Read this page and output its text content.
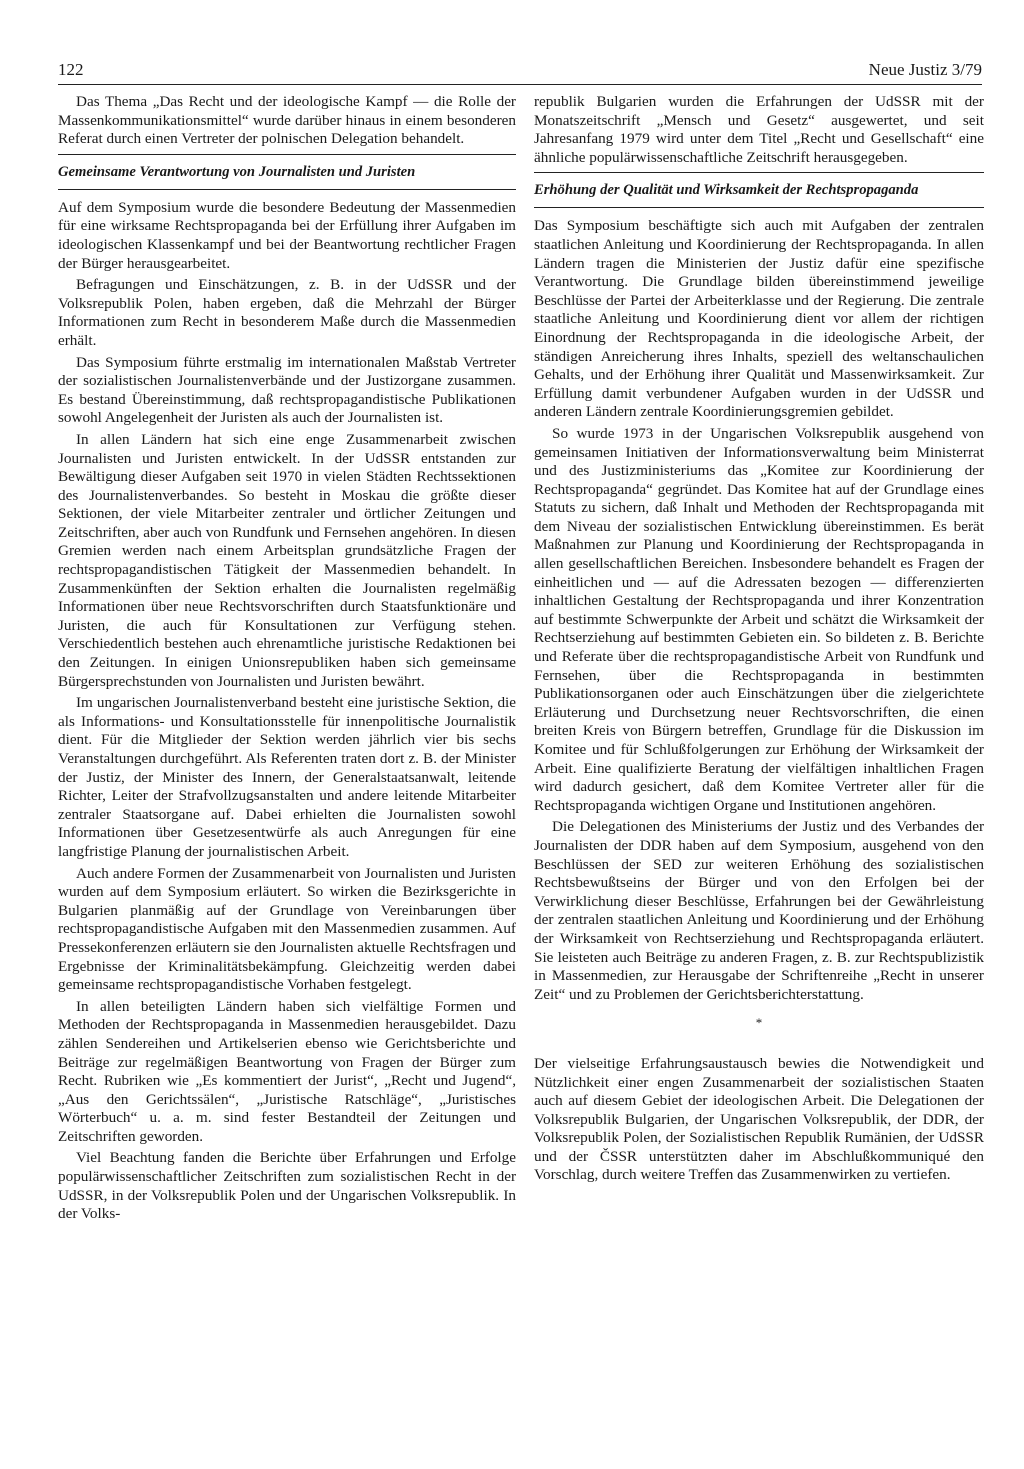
122	Neue Justiz 3/79

Das Thema „Das Recht und der ideologische Kampf — die Rolle der Massenkommunikationsmittel“ wurde darüber hinaus in einem besonderen Referat durch einen Vertreter der polnischen Delegation behandelt.

Gemeinsame Verantwortung von Journalisten und Juristen

Auf dem Symposium wurde die besondere Bedeutung der Massenmedien für eine wirksame Rechtspropaganda bei der Erfüllung ihrer Aufgaben im ideologischen Klassenkampf und bei der Beantwortung rechtlicher Fragen der Bürger herausgearbeitet.

Befragungen und Einschätzungen, z. B. in der UdSSR und der Volksrepublik Polen, haben ergeben, daß die Mehrzahl der Bürger Informationen zum Recht in besonderem Maße durch die Massenmedien erhält.

Das Symposium führte erstmalig im internationalen Maßstab Vertreter der sozialistischen Journalistenverbände und der Justizorgane zusammen. Es bestand Übereinstimmung, daß rechtspropagandistische Publikationen sowohl Angelegenheit der Juristen als auch der Journalisten ist.

In allen Ländern hat sich eine enge Zusammenarbeit zwischen Journalisten und Juristen entwickelt. In der UdSSR entstanden zur Bewältigung dieser Aufgaben seit 1970 in vielen Städten Rechtssektionen des Journalistenverbandes. So besteht in Moskau die größte dieser Sektionen, der viele Mitarbeiter zentraler und örtlicher Zeitungen und Zeitschriften, aber auch von Rundfunk und Fernsehen angehören. In diesen Gremien werden nach einem Arbeitsplan grundsätzliche Fragen der rechtspropagandistischen Tätigkeit der Massenmedien behandelt. In Zusammenkünften der Sektion erhalten die Journalisten regelmäßig Informationen über neue Rechtsvorschriften durch Staatsfunktionäre und Juristen, die auch für Konsultationen zur Verfügung stehen. Verschiedentlich bestehen auch ehrenamtliche juristische Redaktionen bei den Zeitungen. In einigen Unionsrepubliken haben sich gemeinsame Bürgersprechstunden von Journalisten und Juristen bewährt.

Im ungarischen Journalistenverband besteht eine juristische Sektion, die als Informations- und Konsultationsstelle für innenpolitische Journalistik dient. Für die Mitglieder der Sektion werden jährlich vier bis sechs Veranstaltungen durchgeführt. Als Referenten traten dort z. B. der Minister der Justiz, der Minister des Innern, der Generalstaatsanwalt, leitende Richter, Leiter der Strafvollzugsanstalten und andere leitende Mitarbeiter zentraler Staatsorgane auf. Dabei erhielten die Journalisten sowohl Informationen über Gesetzesentwürfe als auch Anregungen für eine langfristige Planung der journalistischen Arbeit.

Auch andere Formen der Zusammenarbeit von Journalisten und Juristen wurden auf dem Symposium erläutert. So wirken die Bezirksgerichte in Bulgarien planmäßig auf der Grundlage von Vereinbarungen über rechtspropagandistische Aufgaben mit den Massenmedien zusammen. Auf Pressekonferenzen erläutern sie den Journalisten aktuelle Rechtsfragen und Ergebnisse der Kriminalitätsbekämpfung. Gleichzeitig werden dabei gemeinsame rechtspropagandistische Vorhaben festgelegt.

In allen beteiligten Ländern haben sich vielfältige Formen und Methoden der Rechtspropaganda in Massenmedien herausgebildet. Dazu zählen Sendereihen und Artikelserien ebenso wie Gerichtsberichte und Beiträge zur regelmäßigen Beantwortung von Fragen der Bürger zum Recht. Rubriken wie „Es kommentiert der Jurist“, „Recht und Jugend“, „Aus den Gerichtssälen“, „Juristische Ratschläge“, „Juristisches Wörterbuch“ u. a. m. sind fester Bestandteil der Zeitungen und Zeitschriften geworden.

Viel Beachtung fanden die Berichte über Erfahrungen und Erfolge populärwissenschaftlicher Zeitschriften zum sozialistischen Recht in der UdSSR, in der Volksrepublik Polen und der Ungarischen Volksrepublik. In der Volks-

republik Bulgarien wurden die Erfahrungen der UdSSR mit der Monatszeitschrift „Mensch und Gesetz“ ausgewertet, und seit Jahresanfang 1979 wird unter dem Titel „Recht und Gesellschaft“ eine ähnliche populärwissenschaftliche Zeitschrift herausgegeben.

Erhöhung der Qualität und Wirksamkeit der Rechtspropaganda

Das Symposium beschäftigte sich auch mit Aufgaben der zentralen staatlichen Anleitung und Koordinierung der Rechtspropaganda. In allen Ländern tragen die Ministerien der Justiz dafür eine spezifische Verantwortung. Die Grundlage bilden übereinstimmend jeweilige Beschlüsse der Partei der Arbeiterklasse und der Regierung. Die zentrale staatliche Anleitung und Koordinierung dient vor allem der richtigen Einordnung der Rechtspropaganda in die ideologische Arbeit, der ständigen Anreicherung ihres Inhalts, speziell des weltanschaulichen Gehalts, und der Erhöhung ihrer Qualität und Massenwirksamkeit. Zur Erfüllung damit verbundener Aufgaben wurden in der UdSSR und anderen Ländern zentrale Koordinierungsgremien gebildet.

So wurde 1973 in der Ungarischen Volksrepublik ausgehend von gemeinsamen Initiativen der Informationsverwaltung beim Ministerrat und des Justizministeriums das „Komitee zur Koordinierung der Rechtspropaganda“ gegründet. Das Komitee hat auf der Grundlage eines Statuts zu sichern, daß Inhalt und Methoden der Rechtspropaganda mit dem Niveau der sozialistischen Entwicklung übereinstimmen. Es berät Maßnahmen zur Planung und Koordinierung der Rechtspropaganda in allen gesellschaftlichen Bereichen. Insbesondere behandelt es Fragen der einheitlichen und — auf die Adressaten bezogen — differenzierten inhaltlichen Gestaltung der Rechtspropaganda und ihrer Konzentration auf bestimmte Schwerpunkte der Arbeit und schätzt die Wirksamkeit der Rechtserziehung auf bestimmten Gebieten ein. So bildeten z. B. Berichte und Referate über die rechtspropagandistische Arbeit von Rundfunk und Fernsehen, über die Rechtspropaganda in bestimmten Publikationsorganen oder auch Einschätzungen über die zielgerichtete Erläuterung und Durchsetzung neuer Rechtsvorschriften, die einen breiten Kreis von Bürgern betreffen, Grundlage für die Diskussion im Komitee und für Schlußfolgerungen zur Erhöhung der Wirksamkeit der Arbeit. Eine qualifizierte Beratung der vielfältigen inhaltlichen Fragen wird dadurch gesichert, daß dem Komitee Vertreter aller für die Rechtspropaganda wichtigen Organe und Institutionen angehören.

Die Delegationen des Ministeriums der Justiz und des Verbandes der Journalisten der DDR haben auf dem Symposium, ausgehend von den Beschlüssen der SED zur weiteren Erhöhung des sozialistischen Rechtsbewußtseins der Bürger und von den Erfolgen bei der Verwirklichung dieser Beschlüsse, Erfahrungen bei der Gewährleistung der zentralen staatlichen Anleitung und Koordinierung und der Erhöhung der Wirksamkeit von Rechtserziehung und Rechtspropaganda erläutert. Sie leisteten auch Beiträge zu anderen Fragen, z. B. zur Rechtspublizistik in Massenmedien, zur Herausgabe der Schriftenreihe „Recht in unserer Zeit“ und zu Problemen der Gerichtsberichterstattung.

*

Der vielseitige Erfahrungsaustausch bewies die Notwendigkeit und Nützlichkeit einer engen Zusammenarbeit der sozialistischen Staaten auch auf diesem Gebiet der ideologischen Arbeit. Die Delegationen der Volksrepublik Bulgarien, der Ungarischen Volksrepublik, der DDR, der Volksrepublik Polen, der Sozialistischen Republik Rumänien, der UdSSR und der ČSSR unterstützten daher im Abschlußkommuniqué den Vorschlag, durch weitere Treffen das Zusammenwirken zu vertiefen.
